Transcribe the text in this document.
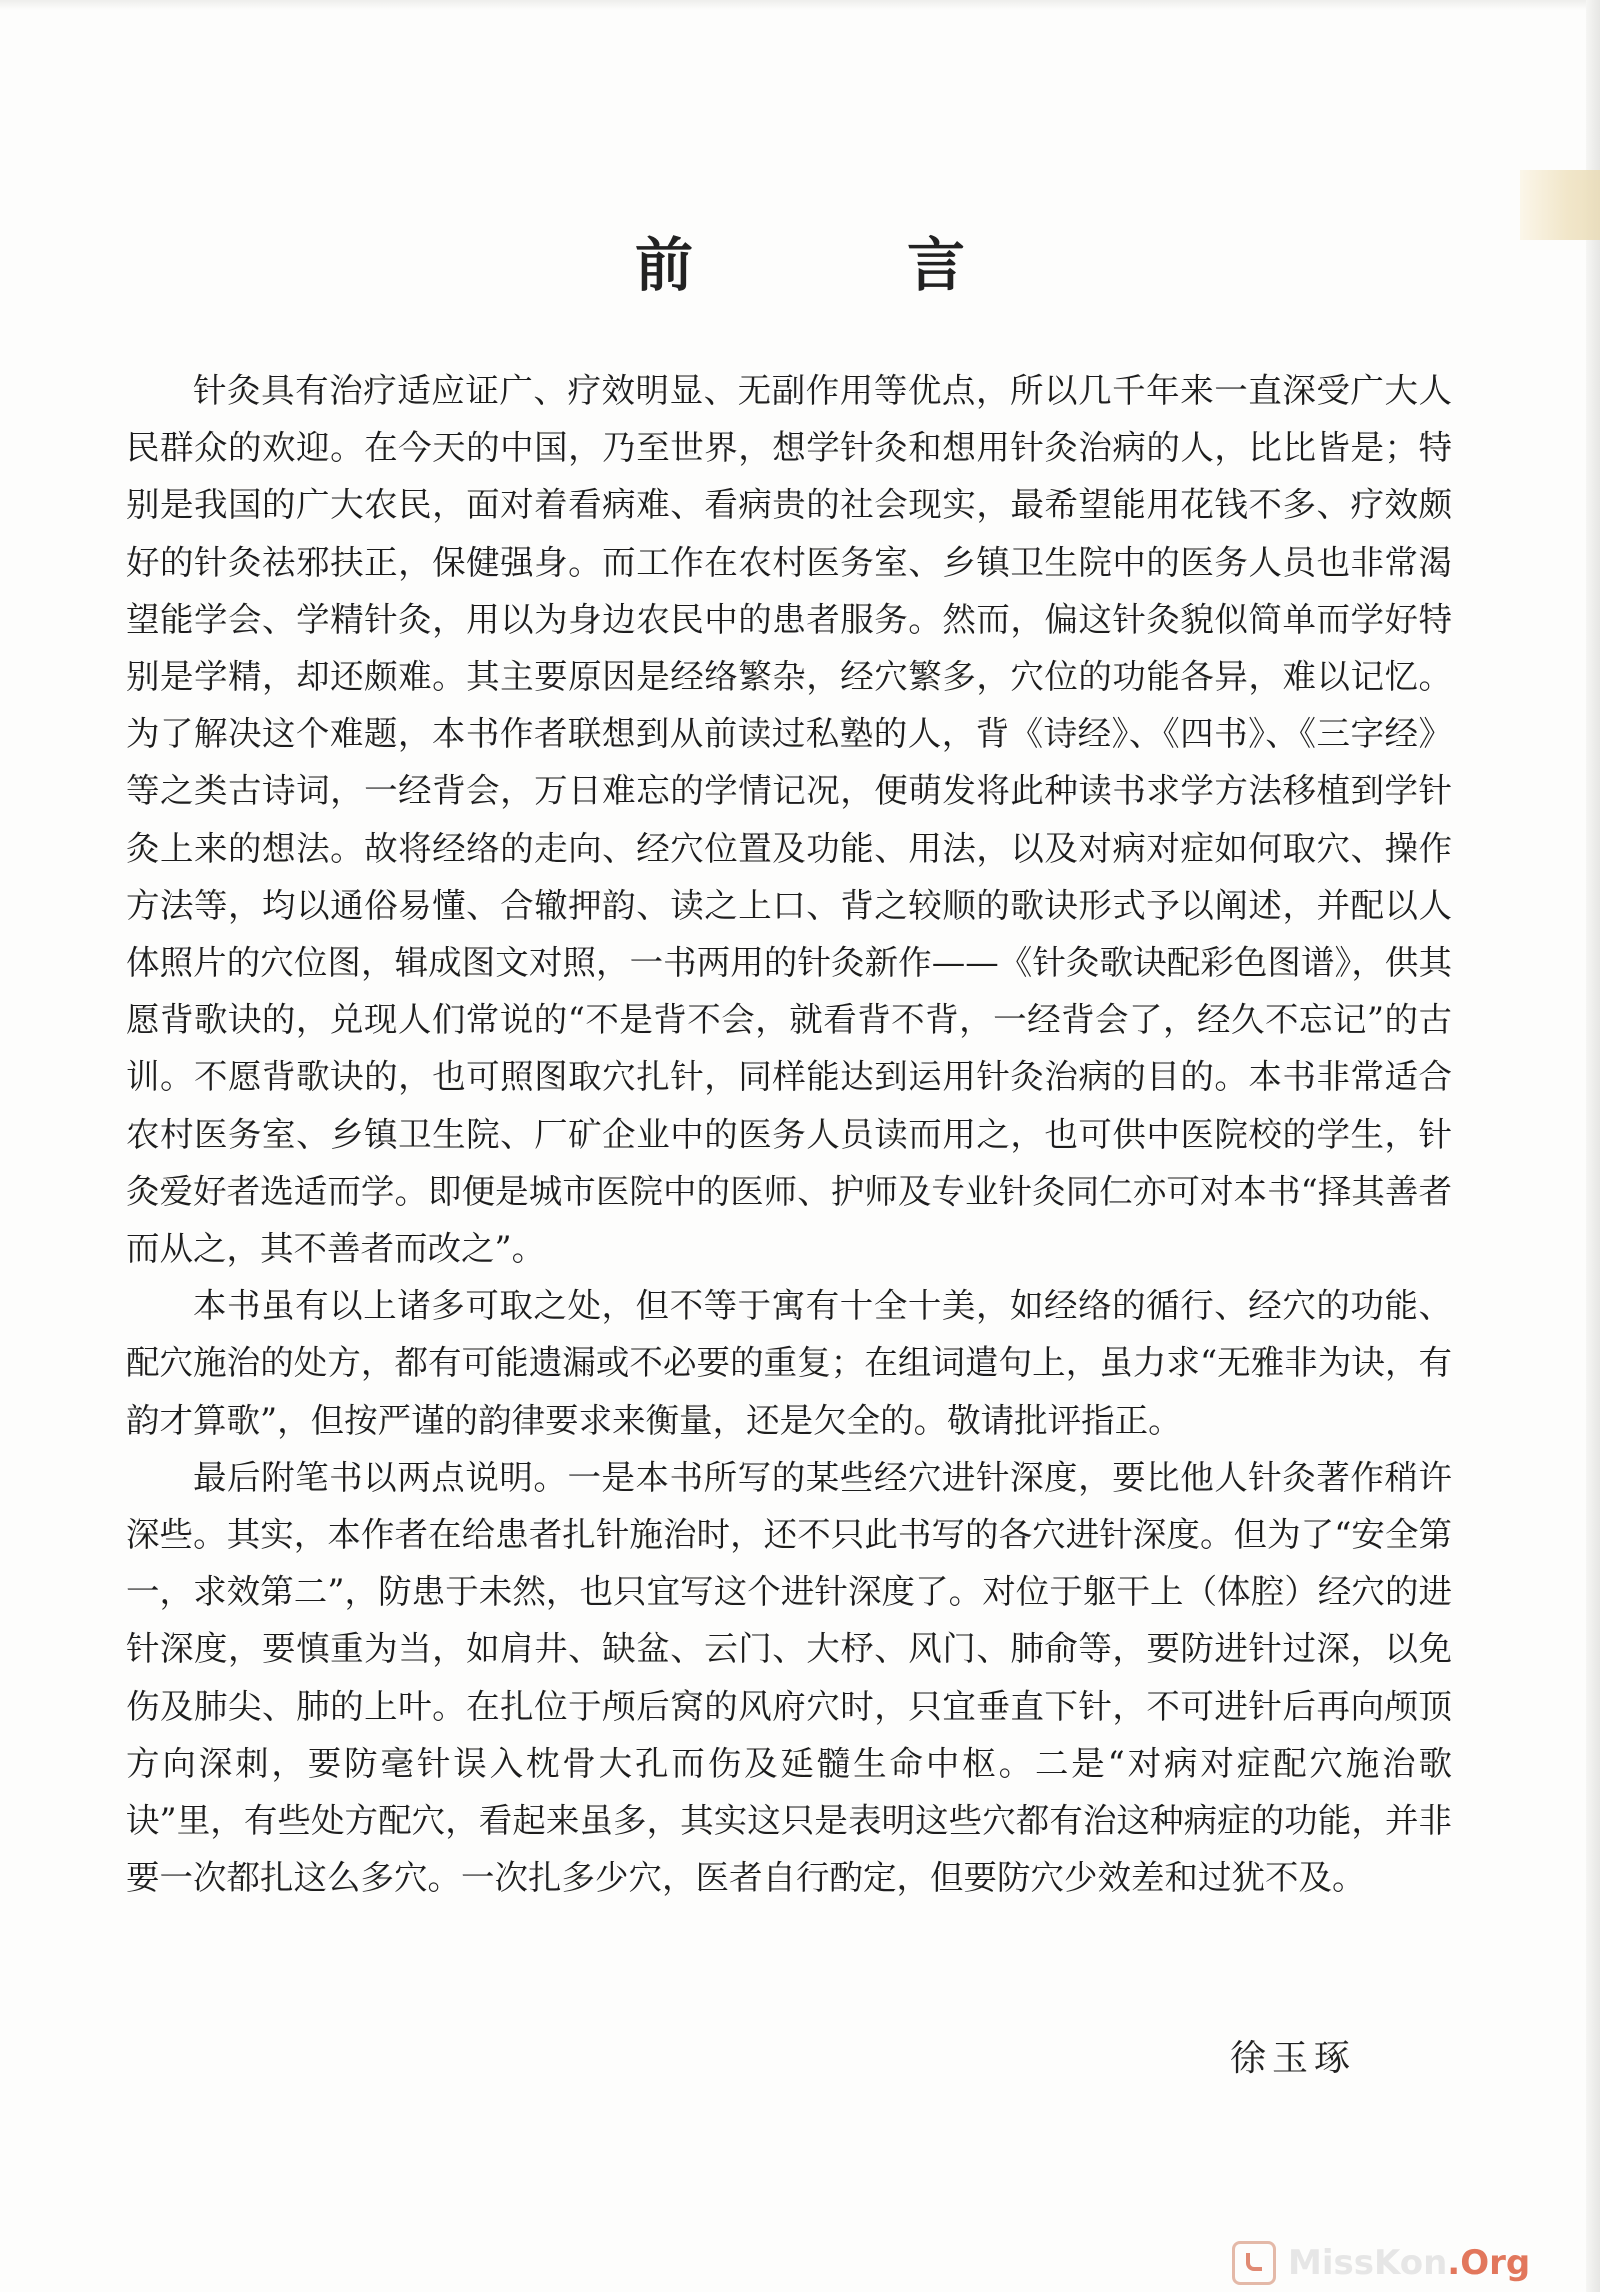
前　言

针灸具有治疗适应证广、疗效明显、无副作用等优点，所以几千年来一直深受广大人民群众的欢迎。在今天的中国，乃至世界，想学针灸和想用针灸治病的人，比比皆是；特别是我国的广大农民，面对着看病难、看病贵的社会现实，最希望能用花钱不多、疗效颇好的针灸祛邪扶正，保健强身。而工作在农村医务室、乡镇卫生院中的医务人员也非常渴望能学会、学精针灸，用以为身边农民中的患者服务。然而，偏这针灸貌似简单而学好特别是学精，却还颇难。其主要原因是经络繁杂，经穴繁多，穴位的功能各异，难以记忆。为了解决这个难题，本书作者联想到从前读过私塾的人，背《诗经》、《四书》、《三字经》等之类古诗词，一经背会，万日难忘的学情记况，便萌发将此种读书求学方法移植到学针灸上来的想法。故将经络的走向、经穴位置及功能、用法，以及对病对症如何取穴、操作方法等，均以通俗易懂、合辙押韵、读之上口、背之较顺的歌诀形式予以阐述，并配以人体照片的穴位图，辑成图文对照，一书两用的针灸新作——《针灸歌诀配彩色图谱》，供其愿背歌诀的，兑现人们常说的“不是背不会，就看背不背，一经背会了，经久不忘记”的古训。不愿背歌诀的，也可照图取穴扎针，同样能达到运用针灸治病的目的。本书非常适合农村医务室、乡镇卫生院、厂矿企业中的医务人员读而用之，也可供中医院校的学生，针灸爱好者选适而学。即便是城市医院中的医师、护师及专业针灸同仁亦可对本书“择其善者而从之，其不善者而改之”。

本书虽有以上诸多可取之处，但不等于寓有十全十美，如经络的循行、经穴的功能、配穴施治的处方，都有可能遗漏或不必要的重复；在组词遣句上，虽力求“无雅非为诀，有韵才算歌”，但按严谨的韵律要求来衡量，还是欠全的。敬请批评指正。

最后附笔书以两点说明。一是本书所写的某些经穴进针深度，要比他人针灸著作稍许深些。其实，本作者在给患者扎针施治时，还不只此书写的各穴进针深度。但为了“安全第一，求效第二”，防患于未然，也只宜写这个进针深度了。对位于躯干上（体腔）经穴的进针深度，要慎重为当，如肩井、缺盆、云门、大杼、风门、肺俞等，要防进针过深，以免伤及肺尖、肺的上叶。在扎位于颅后窝的风府穴时，只宜垂直下针，不可进针后再向颅顶方向深刺，要防毫针误入枕骨大孔而伤及延髓生命中枢。二是“对病对症配穴施治歌诀”里，有些处方配穴，看起来虽多，其实这只是表明这些穴都有治这种病症的功能，并非要一次都扎这么多穴。一次扎多少穴，医者自行酌定，但要防穴少效差和过犹不及。

徐玉琢
MissKon .Org
